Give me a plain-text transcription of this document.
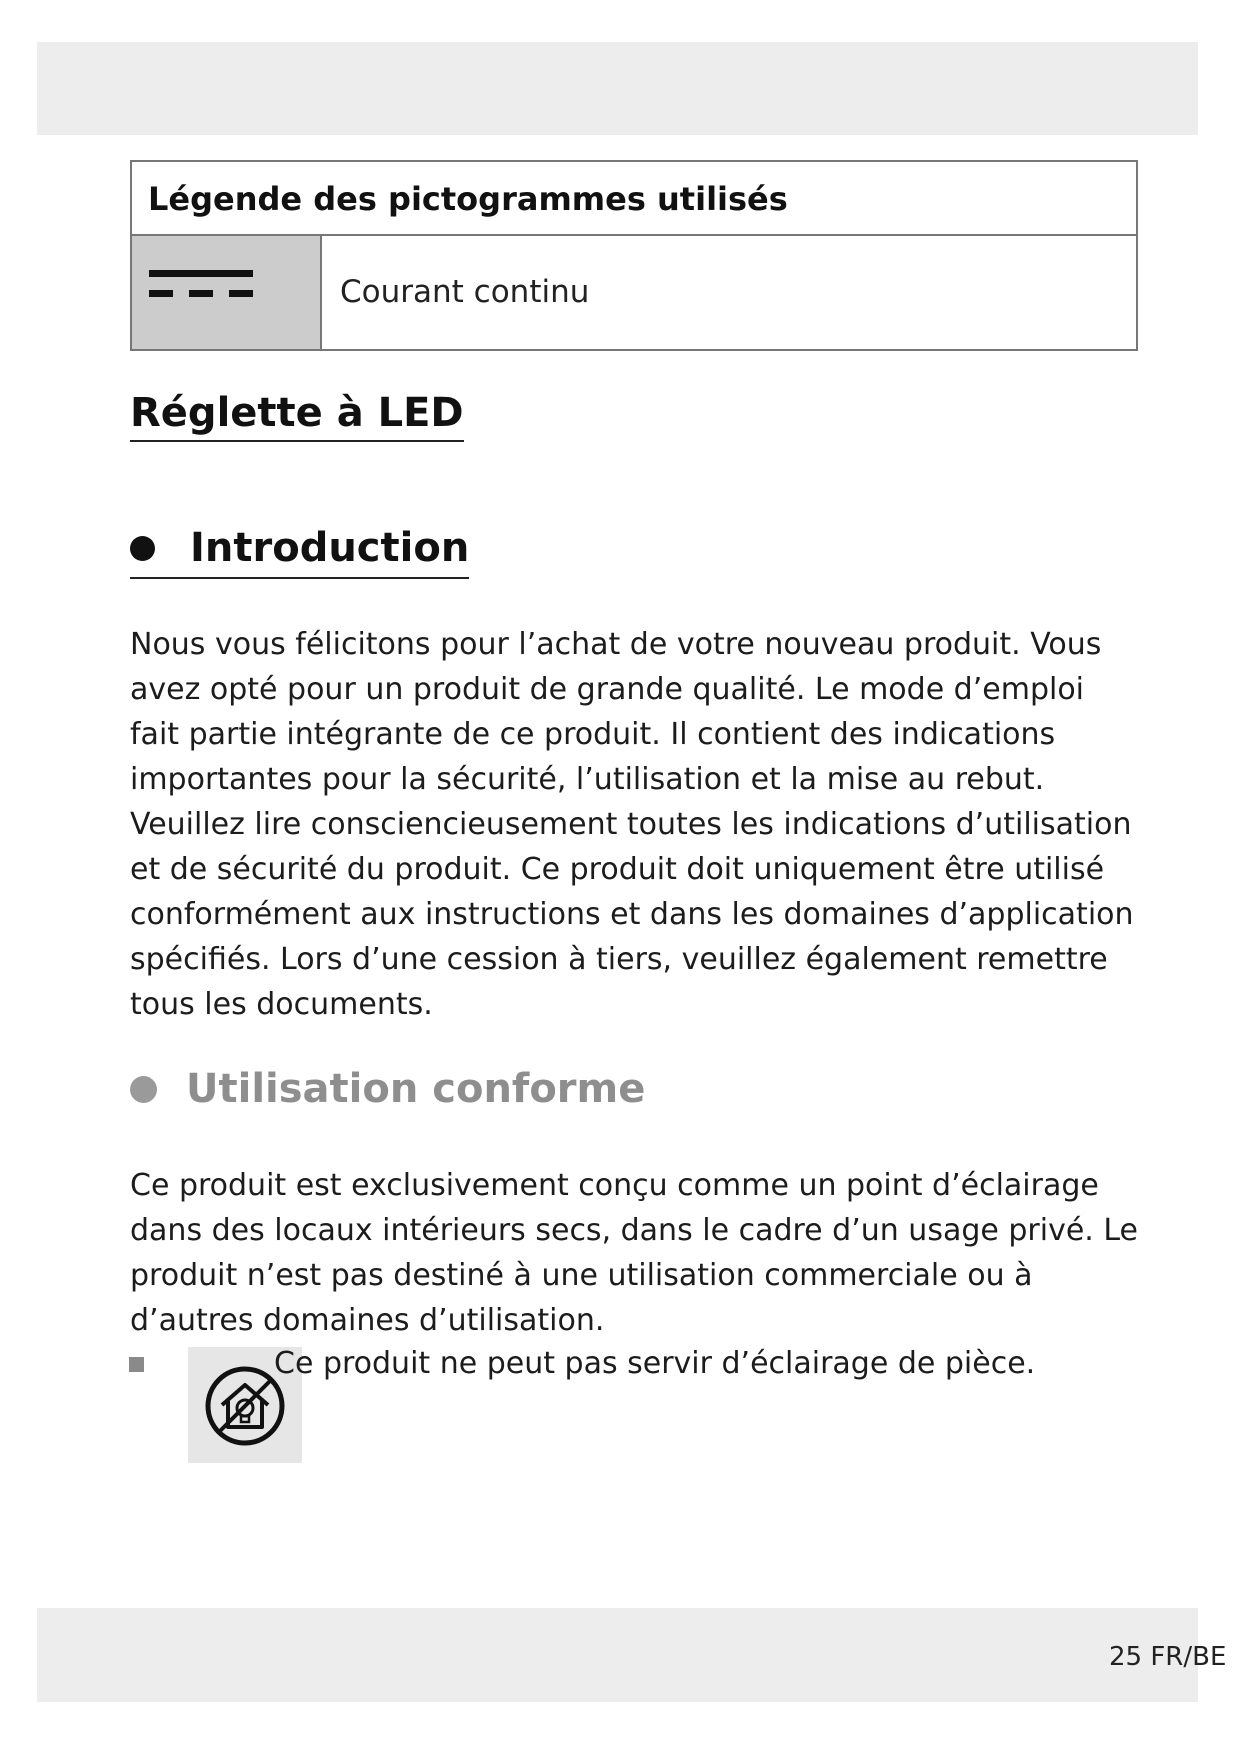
Légende des pictogrammes utilisés
Courant continu
Réglette à LED
Introduction
Nous vous félicitons pour l’achat de votre nouveau produit. Vous avez opté pour un produit de grande qualité. Le mode d’emploi fait partie intégrante de ce produit. Il contient des indications importantes pour la sécurité, l’utilisation et la mise au rebut. Veuillez lire consciencieusement toutes les indications d’utilisation et de sécurité du produit. Ce produit doit uniquement être utilisé conformément aux instructions et dans les domaines d’application spécifiés. Lors d’une cession à tiers, veuillez également remettre tous les documents.
Utilisation conforme
Ce produit est exclusivement conçu comme un point d’éclairage dans des locaux intérieurs secs, dans le cadre d’un usage privé. Le produit n’est pas destiné à une utilisation commerciale ou à d’autres domaines d’utilisation.
Ce produit ne peut pas servir d’éclairage de pièce.
25 FR/BE
